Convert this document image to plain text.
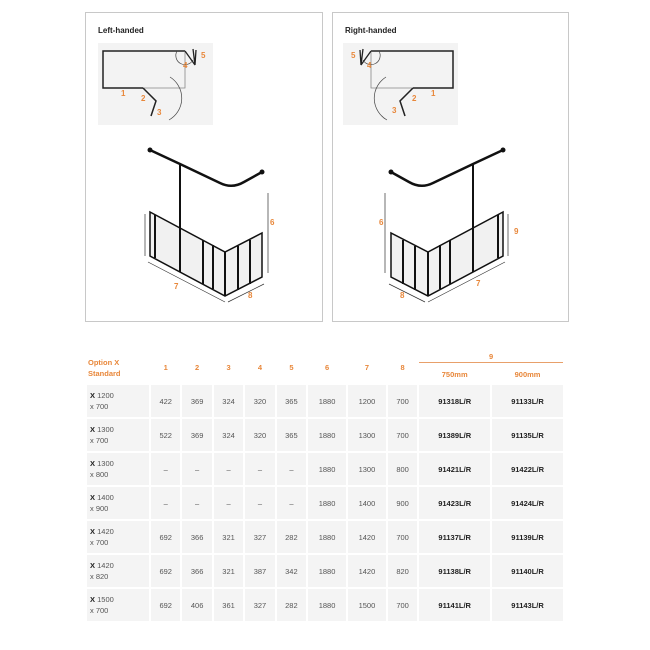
Left-handed	Right-handed
1
2
3
4
5
6
7
8
1
2
3
4
5
6
7
8
9
Option X
Standard	1	2	3	4	5	6	7	8	9	
									750mm	900mm
X 1200
x 700	422	369	324	320	365	1880	1200	700	91318L/R	91133L/R
X 1300
x 700	522	369	324	320	365	1880	1300	700	91389L/R	91135L/R
X 1300
x 800	–	–	–	–	–	1880	1300	800	91421L/R	91422L/R
X 1400
x 900	–	–	–	–	–	1880	1400	900	91423L/R	91424L/R
X 1420
x 700	692	366	321	327	282	1880	1420	700	91137L/R	91139L/R
X 1420
x 820	692	366	321	387	342	1880	1420	820	91138L/R	91140L/R
X 1500
x 700	692	406	361	327	282	1880	1500	700	91141L/R	91143L/R
